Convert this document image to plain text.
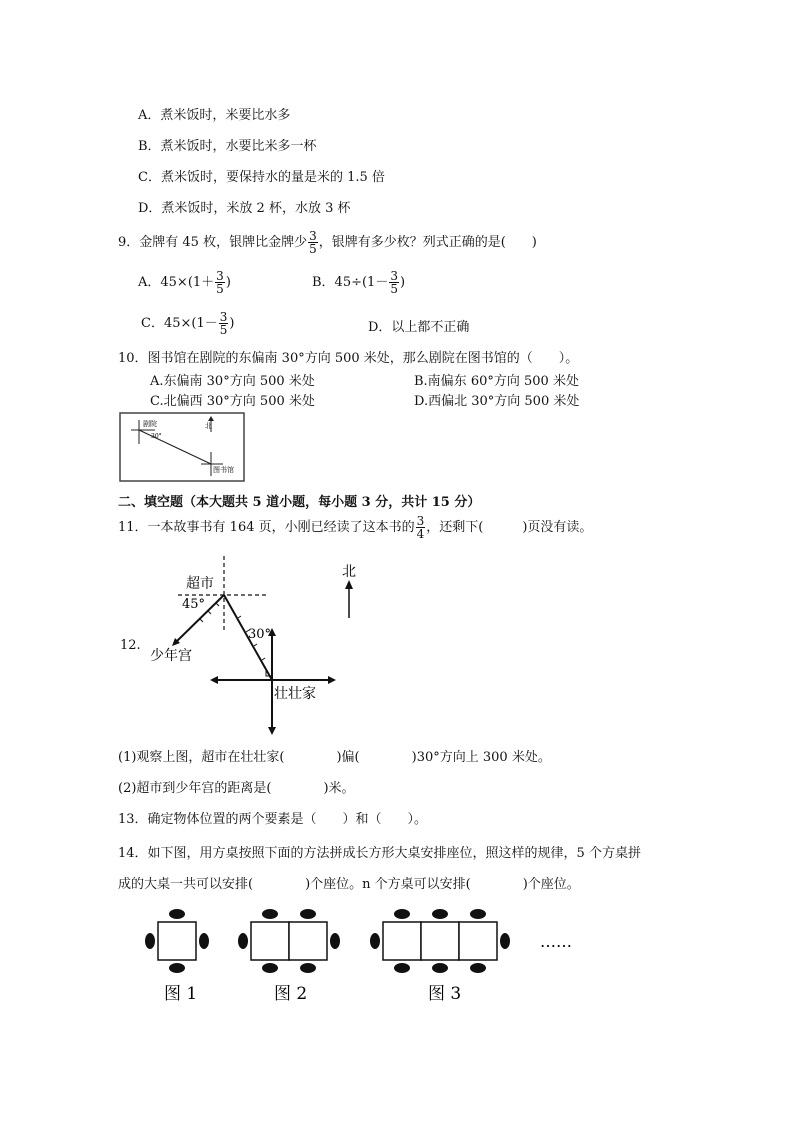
A．煮米饭时，米要比水多
B．煮米饭时，水要比米多一杯
C．煮米饭时，要保持水的量是米的 1.5 倍
D．煮米饭时，米放 2 杯，水放 3 杯
9．金牌有 45 枚，银牌比金牌少 $\frac{3}{5}$ ，银牌有多少枚？列式正确的是(　　)
A．$45\times(1+ \frac{3}{5}$ )	B．$45\div(1- \frac{3}{5}$ )
C．$45\times(1- \frac{3}{5}$ )	D．以上都不正确
10．图书馆在剧院的东偏南 30°方向 500 米处，那么剧院在图书馆的（　　）。
A.东偏南 30°方向 500 米处	B.南偏东 60°方向 500 米处
C.北偏西 30°方向 500 米处	D.西偏北 30°方向 500 米处
剧院	北
30°
图书馆
二、填空题（本大题共 5 道小题，每小题 3 分，共计 15 分）
11．一本故事书有 164 页，小刚已经读了这本书的 $\frac{3}{4}$ ，还剩下(　　　)页没有读。
12.
超市
45°
少年宫
30°
壮壮家
北
(1)观察上图，超市在壮壮家(　　　　)偏(　　　　)30°方向上 300 米处。
(2)超市到少年宫的距离是(　　　　)米。
13．确定物体位置的两个要素是（　　）和（　　）。
14．如下图，用方桌按照下面的方法拼成长方形大桌安排座位，照这样的规律，5 个方桌拼
成的大桌一共可以安排(　　　　)个座位。n 个方桌可以安排(　　　　)个座位。
……
图 1	图 2	图 3
